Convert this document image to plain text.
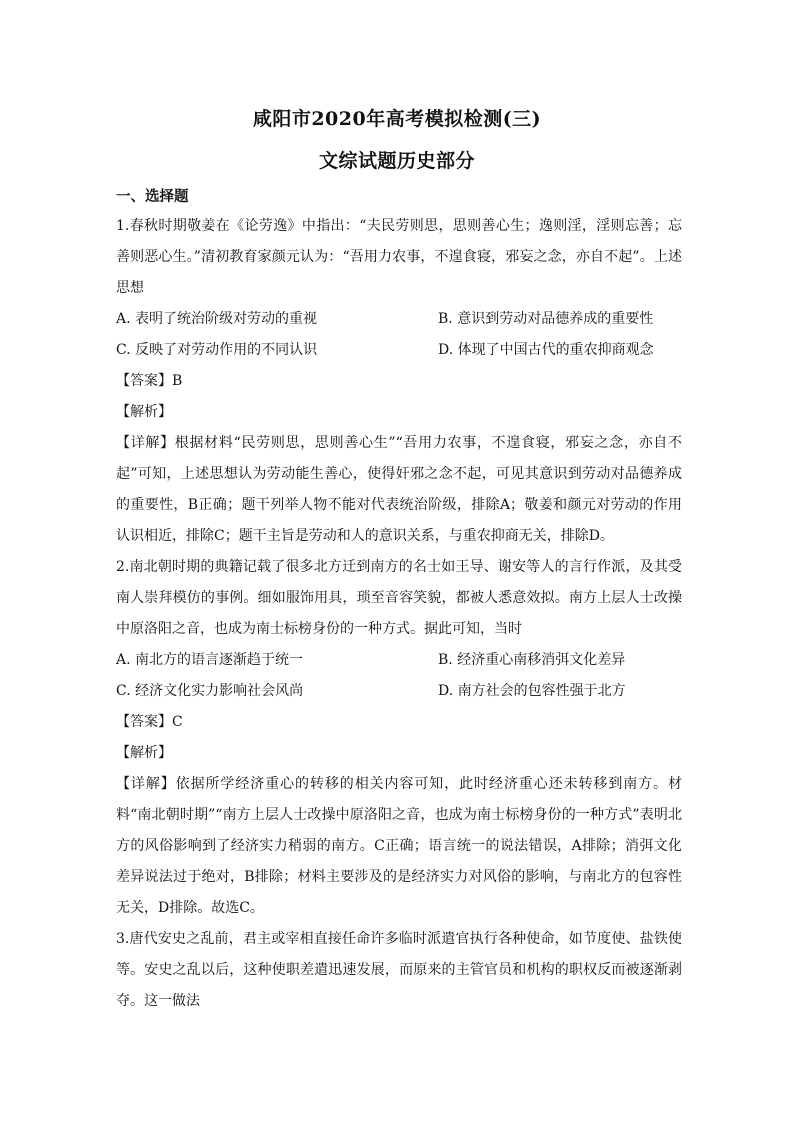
咸阳市2020年高考模拟检测(三)
文综试题历史部分
一、选择题

1.春秋时期敬姜在《论劳逸》中指出：“夫民劳则思，思则善心生；逸则淫，淫则忘善；忘善则恶心生。”清初教育家颜元认为：“吾用力农事，不遑食寝，邪妄之念，亦自不起”。上述思想

A. 表明了统治阶级对劳动的重视	B. 意识到劳动对品德养成的重要性
C. 反映了对劳动作用的不同认识	D. 体现了中国古代的重农抑商观念

【答案】B

【解析】

【详解】根据材料“民劳则思，思则善心生”“吾用力农事，不遑食寝，邪妄之念，亦自不起”可知，上述思想认为劳动能生善心，使得奸邪之念不起，可见其意识到劳动对品德养成的重要性，B正确；题干列举人物不能对代表统治阶级，排除A；敬姜和颜元对劳动的作用认识相近，排除C；题干主旨是劳动和人的意识关系，与重农抑商无关，排除D。

2.南北朝时期的典籍记载了很多北方迁到南方的名士如王导、谢安等人的言行作派，及其受南人崇拜模仿的事例。细如服饰用具，琐至音容笑貌，都被人悉意效拟。南方上层人士改操中原洛阳之音，也成为南士标榜身份的一种方式。据此可知，当时

A. 南北方的语言逐渐趋于统一	B. 经济重心南移消弭文化差异
C. 经济文化实力影响社会风尚	D. 南方社会的包容性强于北方

【答案】C

【解析】

【详解】依据所学经济重心的转移的相关内容可知，此时经济重心还未转移到南方。材料“南北朝时期”“南方上层人士改操中原洛阳之音，也成为南士标榜身份的一种方式”表明北方的风俗影响到了经济实力稍弱的南方。C正确；语言统一的说法错误，A排除；消弭文化差异说法过于绝对，B排除；材料主要涉及的是经济实力对风俗的影响，与南北方的包容性无关，D排除。故选C。

3.唐代安史之乱前，君主或宰相直接任命许多临时派遣官执行各种使命，如节度使、盐铁使等。安史之乱以后，这种使职差遣迅速发展，而原来的主管官员和机构的职权反而被逐渐剥夺。这一做法
